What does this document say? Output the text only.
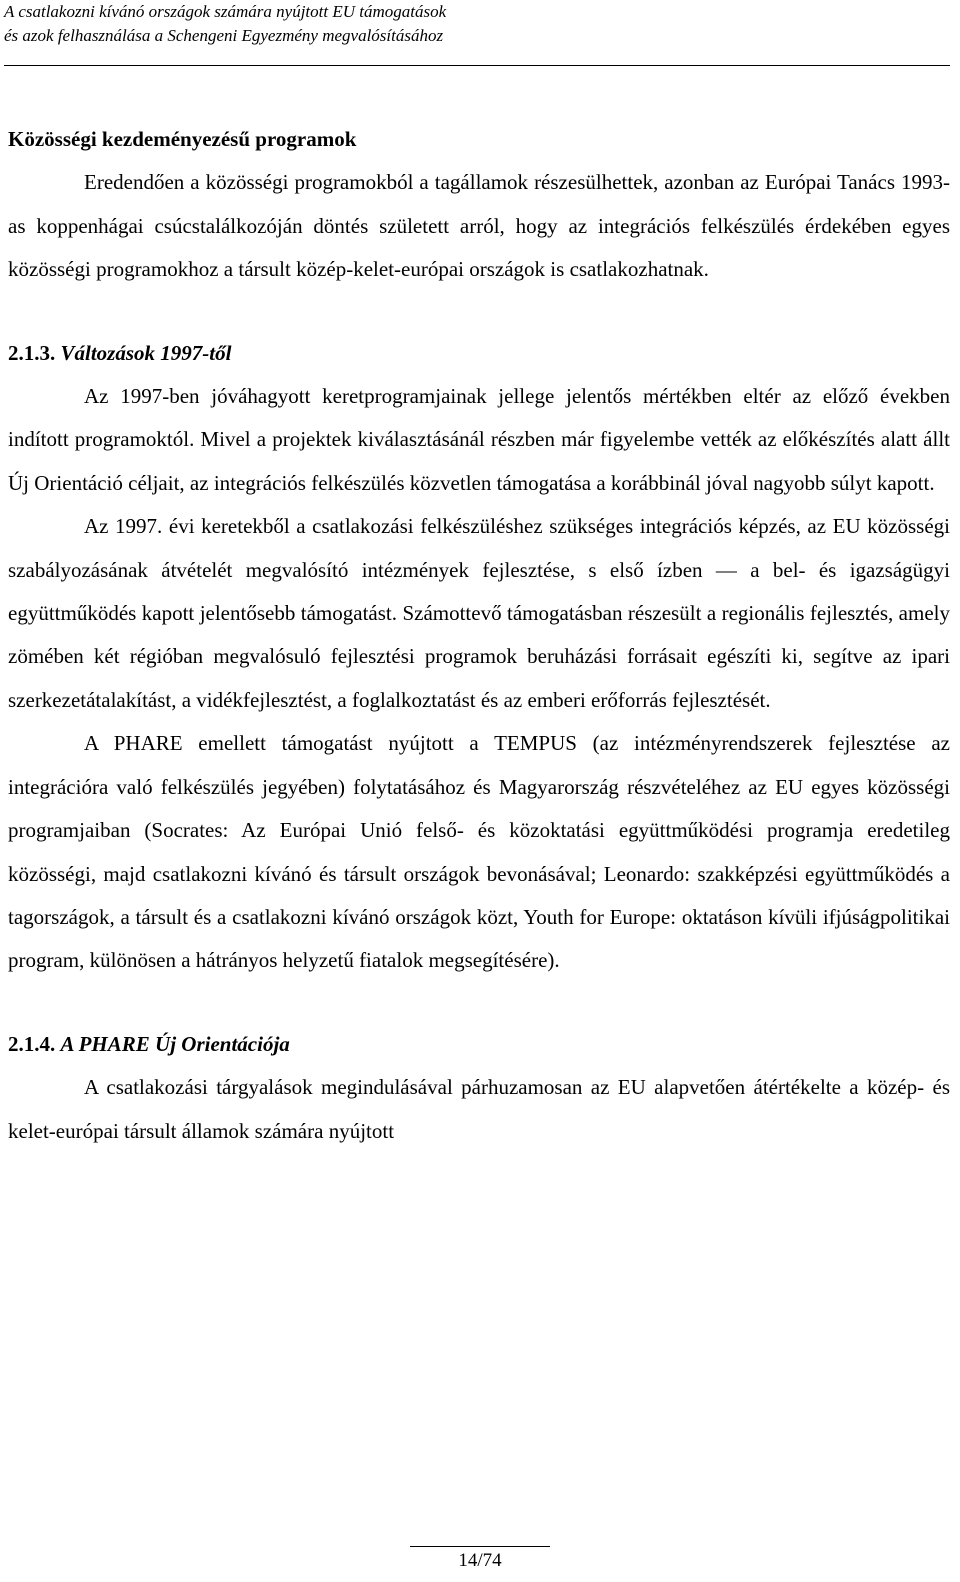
A csatlakozni kívánó országok számára nyújtott EU támogatások
és azok felhasználása a Schengeni Egyezmény megvalósításához

Közösségi kezdeményezésű programok

Eredendően a közösségi programokból a tagállamok részesülhettek, azonban az Európai Tanács 1993-as koppenhágai csúcstalálkozóján döntés született arról, hogy az integrációs felkészülés érdekében egyes közösségi programokhoz a társult közép-kelet-európai országok is csatlakozhatnak.

2.1.3. Változások 1997-től

Az 1997-ben jóváhagyott keretprogramjainak jellege jelentős mértékben eltér az előző években indított programoktól. Mivel a projektek kiválasztásánál részben már figyelembe vették az előkészítés alatt állt Új Orientáció céljait, az integrációs felkészülés közvetlen támogatása a korábbinál jóval nagyobb súlyt kapott.

Az 1997. évi keretekből a csatlakozási felkészüléshez szükséges integrációs képzés, az EU közösségi szabályozásának átvételét megvalósító intézmények fejlesztése, s első ízben — a bel- és igazságügyi együttműködés kapott jelentősebb támogatást. Számottevő támogatásban részesült a regionális fejlesztés, amely zömében két régióban megvalósuló fejlesztési programok beruházási forrásait egészíti ki, segítve az ipari szerkezetátalakítást, a vidékfejlesztést, a foglalkoztatást és az emberi erőforrás fejlesztését.

A PHARE emellett támogatást nyújtott a TEMPUS (az intézményrendszerek fejlesztése az integrációra való felkészülés jegyében) folytatásához és Magyarország részvételéhez az EU egyes közösségi programjaiban (Socrates: Az Európai Unió felső- és közoktatási együttműködési programja eredetileg közösségi, majd csatlakozni kívánó és társult országok bevonásával; Leonardo: szakképzési együttműködés a tagországok, a társult és a csatlakozni kívánó országok közt, Youth for Europe: oktatáson kívüli ifjúságpolitikai program, különösen a hátrányos helyzetű fiatalok megsegítésére).

2.1.4. A PHARE Új Orientációja

A csatlakozási tárgyalások megindulásával párhuzamosan az EU alapvetően átértékelte a közép- és kelet-európai társult államok számára nyújtott

14/74
